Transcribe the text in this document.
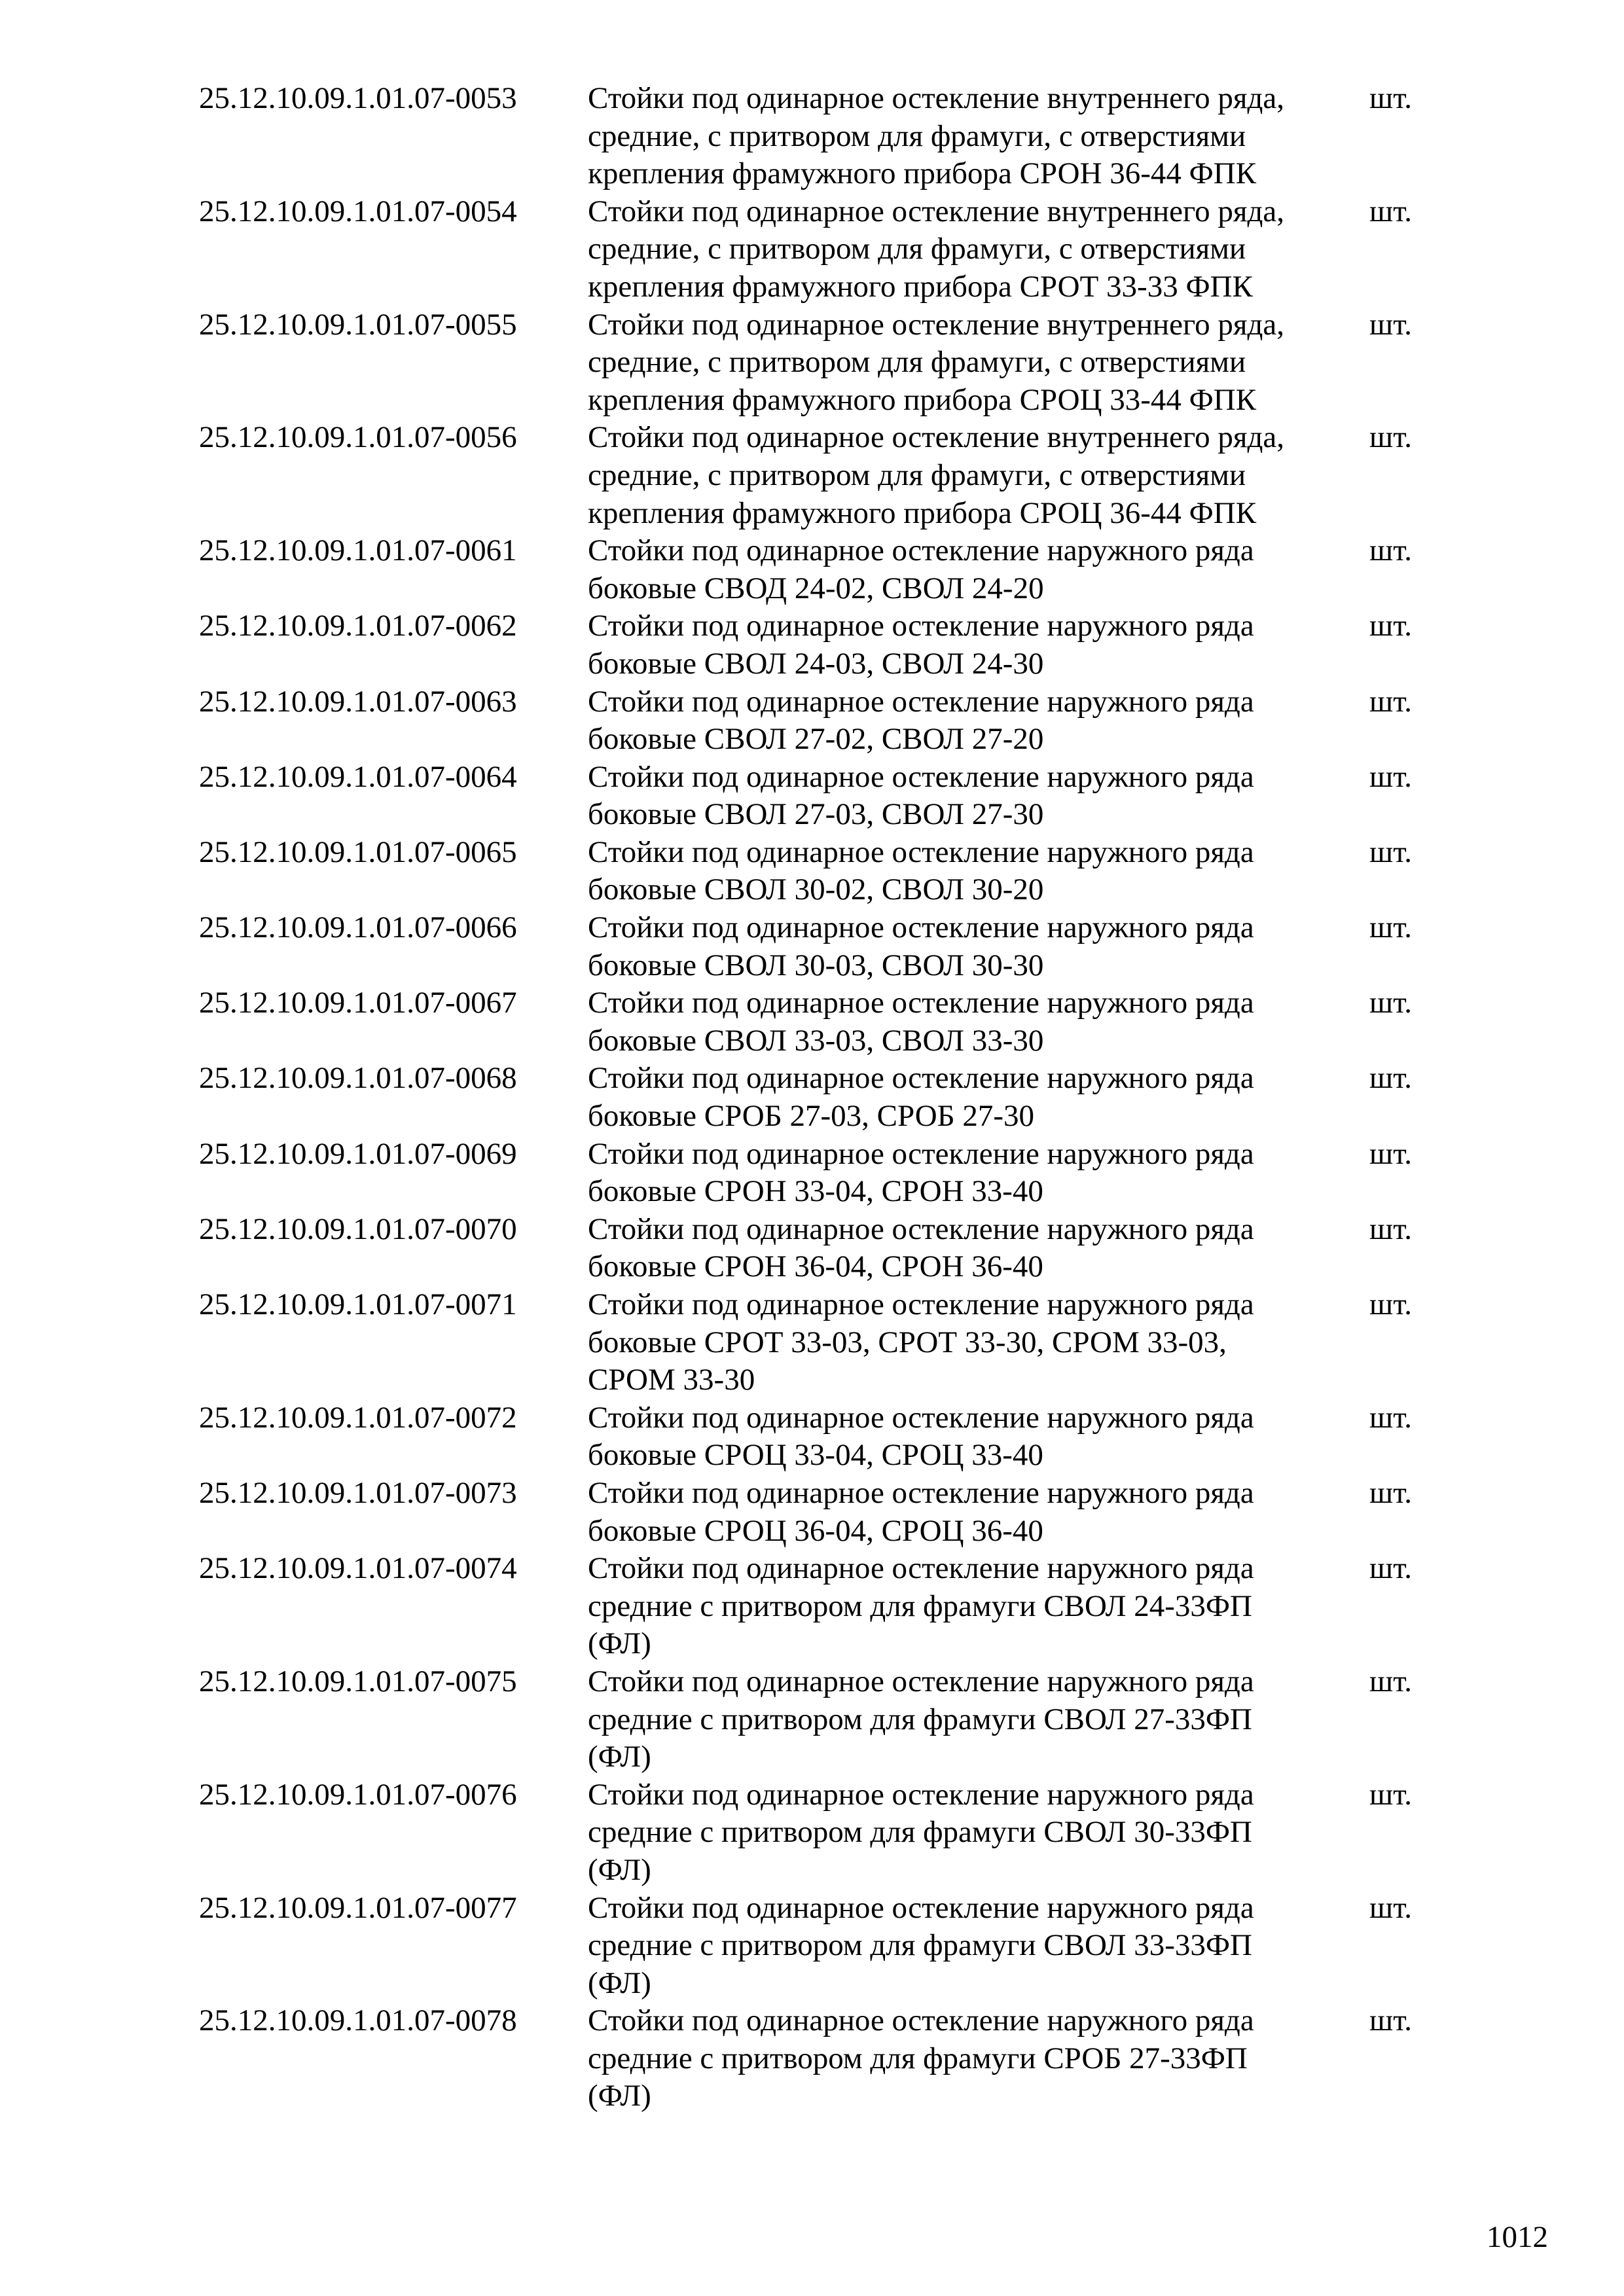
25.12.10.09.1.01.07-0053 Стойки под одинарное остекление внутреннего ряда,
средние, с притвором для фрамуги, с отверстиями
крепления фрамужного прибора СРОН 36-44 ФПК
шт.
25.12.10.09.1.01.07-0054 Стойки под одинарное остекление внутреннего ряда,
средние, с притвором для фрамуги, с отверстиями
крепления фрамужного прибора СРОТ 33-33 ФПК
шт.
25.12.10.09.1.01.07-0055 Стойки под одинарное остекление внутреннего ряда,
средние, с притвором для фрамуги, с отверстиями
крепления фрамужного прибора СРОЦ 33-44 ФПК
шт.
25.12.10.09.1.01.07-0056 Стойки под одинарное остекление внутреннего ряда,
средние, с притвором для фрамуги, с отверстиями
крепления фрамужного прибора СРОЦ 36-44 ФПК
шт.
25.12.10.09.1.01.07-0061 Стойки под одинарное остекление наружного ряда
боковые СВОД 24-02, СВОЛ 24-20
шт.
25.12.10.09.1.01.07-0062 Стойки под одинарное остекление наружного ряда
боковые СВОЛ 24-03, СВОЛ 24-30
шт.
25.12.10.09.1.01.07-0063 Стойки под одинарное остекление наружного ряда
боковые СВОЛ 27-02, СВОЛ 27-20
шт.
25.12.10.09.1.01.07-0064 Стойки под одинарное остекление наружного ряда
боковые СВОЛ 27-03, СВОЛ 27-30
шт.
25.12.10.09.1.01.07-0065 Стойки под одинарное остекление наружного ряда
боковые СВОЛ 30-02, СВОЛ 30-20
шт.
25.12.10.09.1.01.07-0066 Стойки под одинарное остекление наружного ряда
боковые СВОЛ 30-03, СВОЛ 30-30
шт.
25.12.10.09.1.01.07-0067 Стойки под одинарное остекление наружного ряда
боковые СВОЛ 33-03, СВОЛ 33-30
шт.
25.12.10.09.1.01.07-0068 Стойки под одинарное остекление наружного ряда
боковые СРОБ 27-03, СРОБ 27-30
шт.
25.12.10.09.1.01.07-0069 Стойки под одинарное остекление наружного ряда
боковые СРОН 33-04, СРОН 33-40
шт.
25.12.10.09.1.01.07-0070 Стойки под одинарное остекление наружного ряда
боковые СРОН 36-04, СРОН 36-40
шт.
25.12.10.09.1.01.07-0071 Стойки под одинарное остекление наружного ряда
боковые СРОТ 33-03, СРОТ 33-30, СРОМ 33-03,
СРОМ 33-30
шт.
25.12.10.09.1.01.07-0072 Стойки под одинарное остекление наружного ряда
боковые СРОЦ 33-04, СРОЦ 33-40
шт.
25.12.10.09.1.01.07-0073 Стойки под одинарное остекление наружного ряда
боковые СРОЦ 36-04, СРОЦ 36-40
шт.
25.12.10.09.1.01.07-0074 Стойки под одинарное остекление наружного ряда
средние с притвором для фрамуги СВОЛ 24-33ФП
(ФЛ)
шт.
25.12.10.09.1.01.07-0075 Стойки под одинарное остекление наружного ряда
средние с притвором для фрамуги СВОЛ 27-33ФП
(ФЛ)
шт.
25.12.10.09.1.01.07-0076 Стойки под одинарное остекление наружного ряда
средние с притвором для фрамуги СВОЛ 30-33ФП
(ФЛ)
шт.
25.12.10.09.1.01.07-0077 Стойки под одинарное остекление наружного ряда
средние с притвором для фрамуги СВОЛ 33-33ФП
(ФЛ)
шт.
25.12.10.09.1.01.07-0078 Стойки под одинарное остекление наружного ряда
средние с притвором для фрамуги СРОБ 27-33ФП
(ФЛ)
шт.
1012
